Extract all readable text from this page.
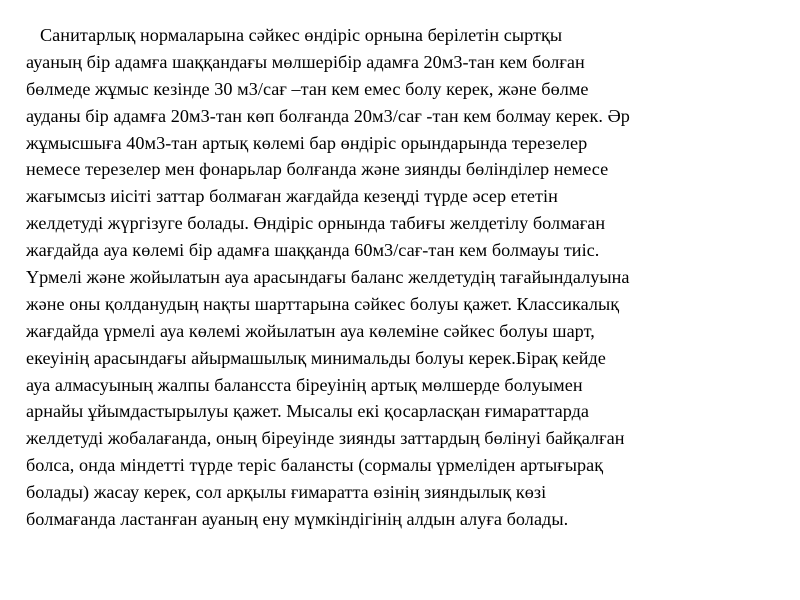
Санитарлық нормаларына сәйкес өндіріс орнына берілетін сыртқы
ауаның бір адамға шаққандағы мөлшерібір адамға 20м3-тан кем болған
бөлмеде жұмыс кезінде 30 м3/сағ –тан кем емес болу керек, және бөлме
ауданы бір адамға 20м3-тан көп болғанда 20м3/сағ -тан кем болмау керек. Әр
жұмысшыға 40м3-тан артық көлемі бар өндіріс орындарында терезелер
немесе терезелер мен фонарьлар болғанда және зиянды бөлінділер немесе
жағымсыз иісіті заттар болмаған жағдайда кезеңді түрде әсер ететін
желдетуді жүргізуге болады. Өндіріс орнында табиғы желдетілу болмаған
жағдайда ауа көлемі бір адамға шаққанда 60м3/сағ-тан кем болмауы тиіс.
Үрмелі және жойылатын ауа арасындағы баланс желдетудің тағайындалуына
және оны қолданудың нақты шарттарына сәйкес болуы қажет. Классикалық
жағдайда үрмелі ауа көлемі жойылатын ауа көлеміне сәйкес болуы шарт,
екеуінің арасындағы айырмашылық минимальды болуы керек.Бірақ кейде
ауа алмасуының жалпы балансста біреуінің артық мөлшерде болуымен
арнайы ұйымдастырылуы қажет. Мысалы екі қосарласқан ғимараттарда
желдетуді жобалағанда, оның біреуінде зиянды заттардың бөлінуі байқалған
болса, онда міндетті түрде теріс балансты (сормалы үрмеліден артығырақ
болады) жасау керек, сол арқылы ғимаратта өзінің зияндылық көзі
болмағанда ластанған ауаның ену мүмкіндігінің алдын алуға болады.
